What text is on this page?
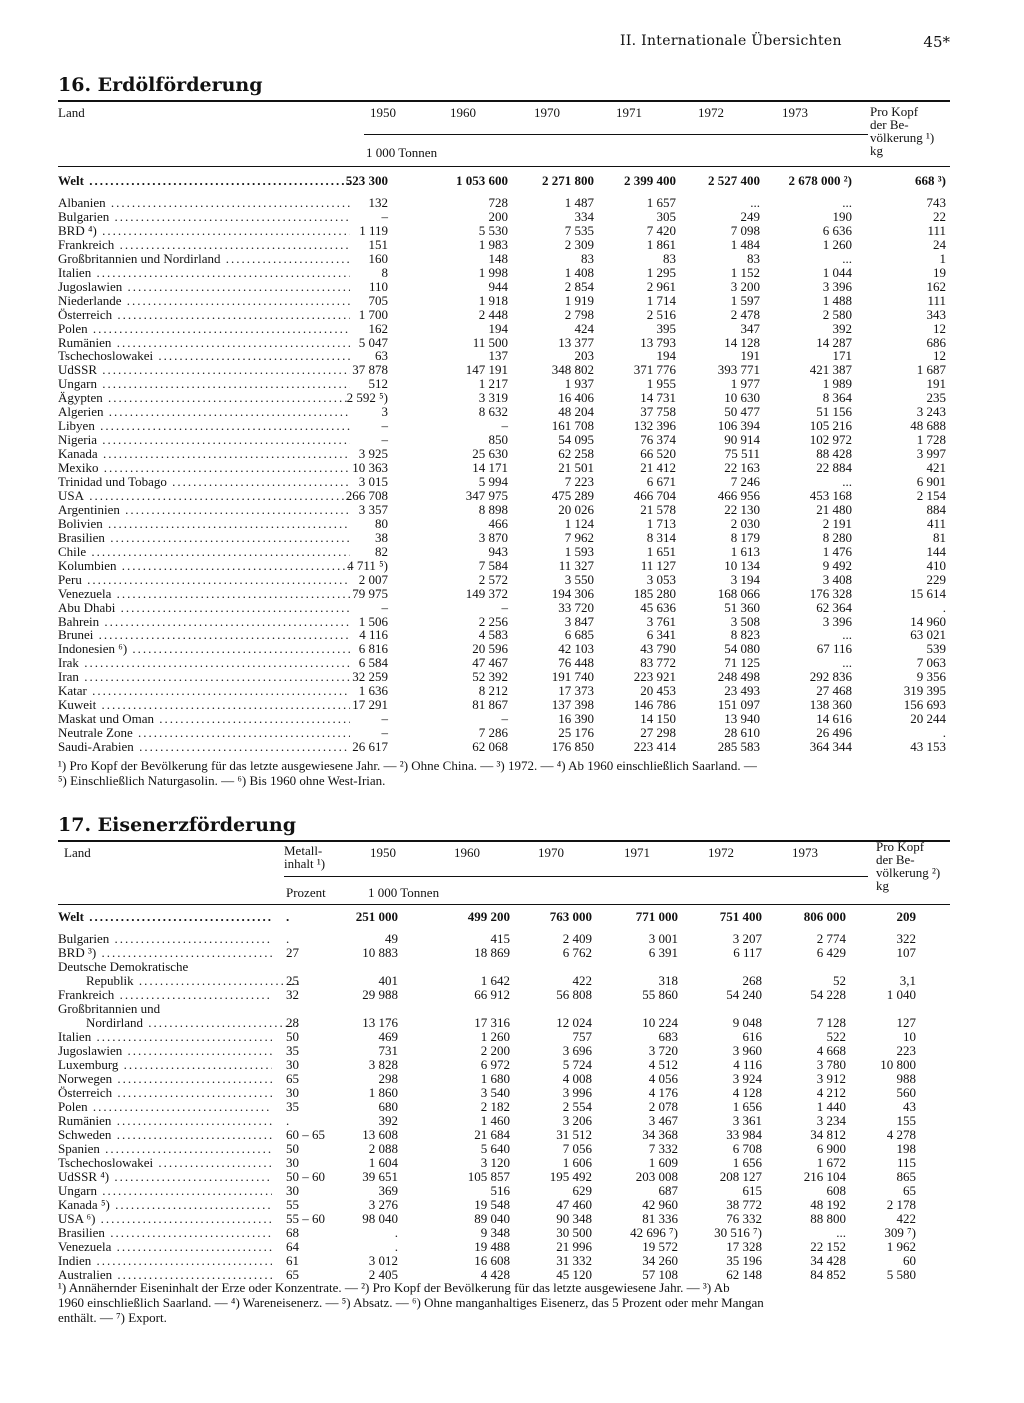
II. Internationale Übersichten	45*
16. Erdölförderung
Land	1950	1960	1970	1971	1972	1973
1 000 Tonnen
Pro Kopf
der Be-
völkerung ¹)
kg
Welt .....	523 300	1 053 600	2 271 800	2 399 400	2 527 400	2 678 000 ²)	668 ³)
Albanien .....	132	728	1 487	1 657	...	...	743
Bulgarien .....	–	200	334	305	249	190	22
BRD ⁴) .....	1 119	5 530	7 535	7 420	7 098	6 636	111
Frankreich .....	151	1 983	2 309	1 861	1 484	1 260	24
Großbritannien und Nordirland .....	160	148	83	83	83	...	1
Italien .....	8	1 998	1 408	1 295	1 152	1 044	19
Jugoslawien .....	110	944	2 854	2 961	3 200	3 396	162
Niederlande .....	705	1 918	1 919	1 714	1 597	1 488	111
Österreich .....	1 700	2 448	2 798	2 516	2 478	2 580	343
Polen .....	162	194	424	395	347	392	12
Rumänien .....	5 047	11 500	13 377	13 793	14 128	14 287	686
Tschechoslowakei .....	63	137	203	194	191	171	12
UdSSR .....	37 878	147 191	348 802	371 776	393 771	421 387	1 687
Ungarn .....	512	1 217	1 937	1 955	1 977	1 989	191
Ägypten .....	2 592 ⁵)	3 319	16 406	14 731	10 630	8 364	235
Algerien .....	3	8 632	48 204	37 758	50 477	51 156	3 243
Libyen .....	–	–	161 708	132 396	106 394	105 216	48 688
Nigeria .....	–	850	54 095	76 374	90 914	102 972	1 728
Kanada .....	3 925	25 630	62 258	66 520	75 511	88 428	3 997
Mexiko .....	10 363	14 171	21 501	21 412	22 163	22 884	421
Trinidad und Tobago .....	3 015	5 994	7 223	6 671	7 246	...	6 901
USA .....	266 708	347 975	475 289	466 704	466 956	453 168	2 154
Argentinien .....	3 357	8 898	20 026	21 578	22 130	21 480	884
Bolivien .....	80	466	1 124	1 713	2 030	2 191	411
Brasilien .....	38	3 870	7 962	8 314	8 179	8 280	81
Chile .....	82	943	1 593	1 651	1 613	1 476	144
Kolumbien .....	4 711 ⁵)	7 584	11 327	11 127	10 134	9 492	410
Peru .....	2 007	2 572	3 550	3 053	3 194	3 408	229
Venezuela .....	79 975	149 372	194 306	185 280	168 066	176 328	15 614
Abu Dhabi .....	–	–	33 720	45 636	51 360	62 364	.
Bahrein .....	1 506	2 256	3 847	3 761	3 508	3 396	14 960
Brunei .....	4 116	4 583	6 685	6 341	8 823	...	63 021
Indonesien ⁶) .....	6 816	20 596	42 103	43 790	54 080	67 116	539
Irak .....	6 584	47 467	76 448	83 772	71 125	...	7 063
Iran .....	32 259	52 392	191 740	223 921	248 498	292 836	9 356
Katar .....	1 636	8 212	17 373	20 453	23 493	27 468	319 395
Kuweit .....	17 291	81 867	137 398	146 786	151 097	138 360	156 693
Maskat und Oman .....	–	–	16 390	14 150	13 940	14 616	20 244
Neutrale Zone .....	–	7 286	25 176	27 298	28 610	26 496	.
Saudi-Arabien .....	26 617	62 068	176 850	223 414	285 583	364 344	43 153

¹) Pro Kopf der Bevölkerung für das letzte ausgewiesene Jahr. — ²) Ohne China. — ³) 1972. — ⁴) Ab 1960 einschließlich Saarland. —

⁵) Einschließlich Naturgasolin. — ⁶) Bis 1960 ohne West-Irian.

17. Eisenerzförderung
Land	Metall-
inhalt ¹)
1950	1960	1970	1971	1972	1973
Prozent	1 000 Tonnen
Pro Kopf
der Be-
völkerung ²)
kg
Welt .....	.	251 000	499 200	763 000	771 000	751 400	806 000	209
Bulgarien .....	.	49	415	2 409	3 001	3 207	2 774	322
BRD ³) .....	27	10 883	18 869	6 762	6 391	6 117	6 429	107
Deutsche Demokratische
Republik .....	25	401	1 642	422	318	268	52	3,1
Frankreich .....	32	29 988	66 912	56 808	55 860	54 240	54 228	1 040
Großbritannien und
Nordirland .....	28	13 176	17 316	12 024	10 224	9 048	7 128	127
Italien .....	50	469	1 260	757	683	616	522	10
Jugoslawien .....	35	731	2 200	3 696	3 720	3 960	4 668	223
Luxemburg .....	30	3 828	6 972	5 724	4 512	4 116	3 780	10 800
Norwegen .....	65	298	1 680	4 008	4 056	3 924	3 912	988
Österreich .....	30	1 860	3 540	3 996	4 176	4 128	4 212	560
Polen .....	35	680	2 182	2 554	2 078	1 656	1 440	43
Rumänien .....	.	392	1 460	3 206	3 467	3 361	3 234	155
Schweden .....	60 – 65	13 608	21 684	31 512	34 368	33 984	34 812	4 278
Spanien .....	50	2 088	5 640	7 056	7 332	6 708	6 900	198
Tschechoslowakei .....	30	1 604	3 120	1 606	1 609	1 656	1 672	115
UdSSR ⁴) .....	50 – 60	39 651	105 857	195 492	203 008	208 127	216 104	865
Ungarn .....	30	369	516	629	687	615	608	65
Kanada ⁵) .....	55	3 276	19 548	47 460	42 960	38 772	48 192	2 178
USA ⁶) .....	55 – 60	98 040	89 040	90 348	81 336	76 332	88 800	422
Brasilien .....	68	.	9 348	30 500	42 696 ⁷)	30 516 ⁷)	...	309 ⁷)
Venezuela .....	64	.	19 488	21 996	19 572	17 328	22 152	1 962
Indien .....	61	3 012	16 608	31 332	34 260	35 196	34 428	60
Australien .....	65	2 405	4 428	45 120	57 108	62 148	84 852	5 580

¹) Annähernder Eiseninhalt der Erze oder Konzentrate. — ²) Pro Kopf der Bevölkerung für das letzte ausgewiesene Jahr. — ³) Ab

1960 einschließlich Saarland. — ⁴) Wareneisenerz. — ⁵) Absatz. — ⁶) Ohne manganhaltiges Eisenerz, das 5 Prozent oder mehr Mangan

enthält. — ⁷) Export.
